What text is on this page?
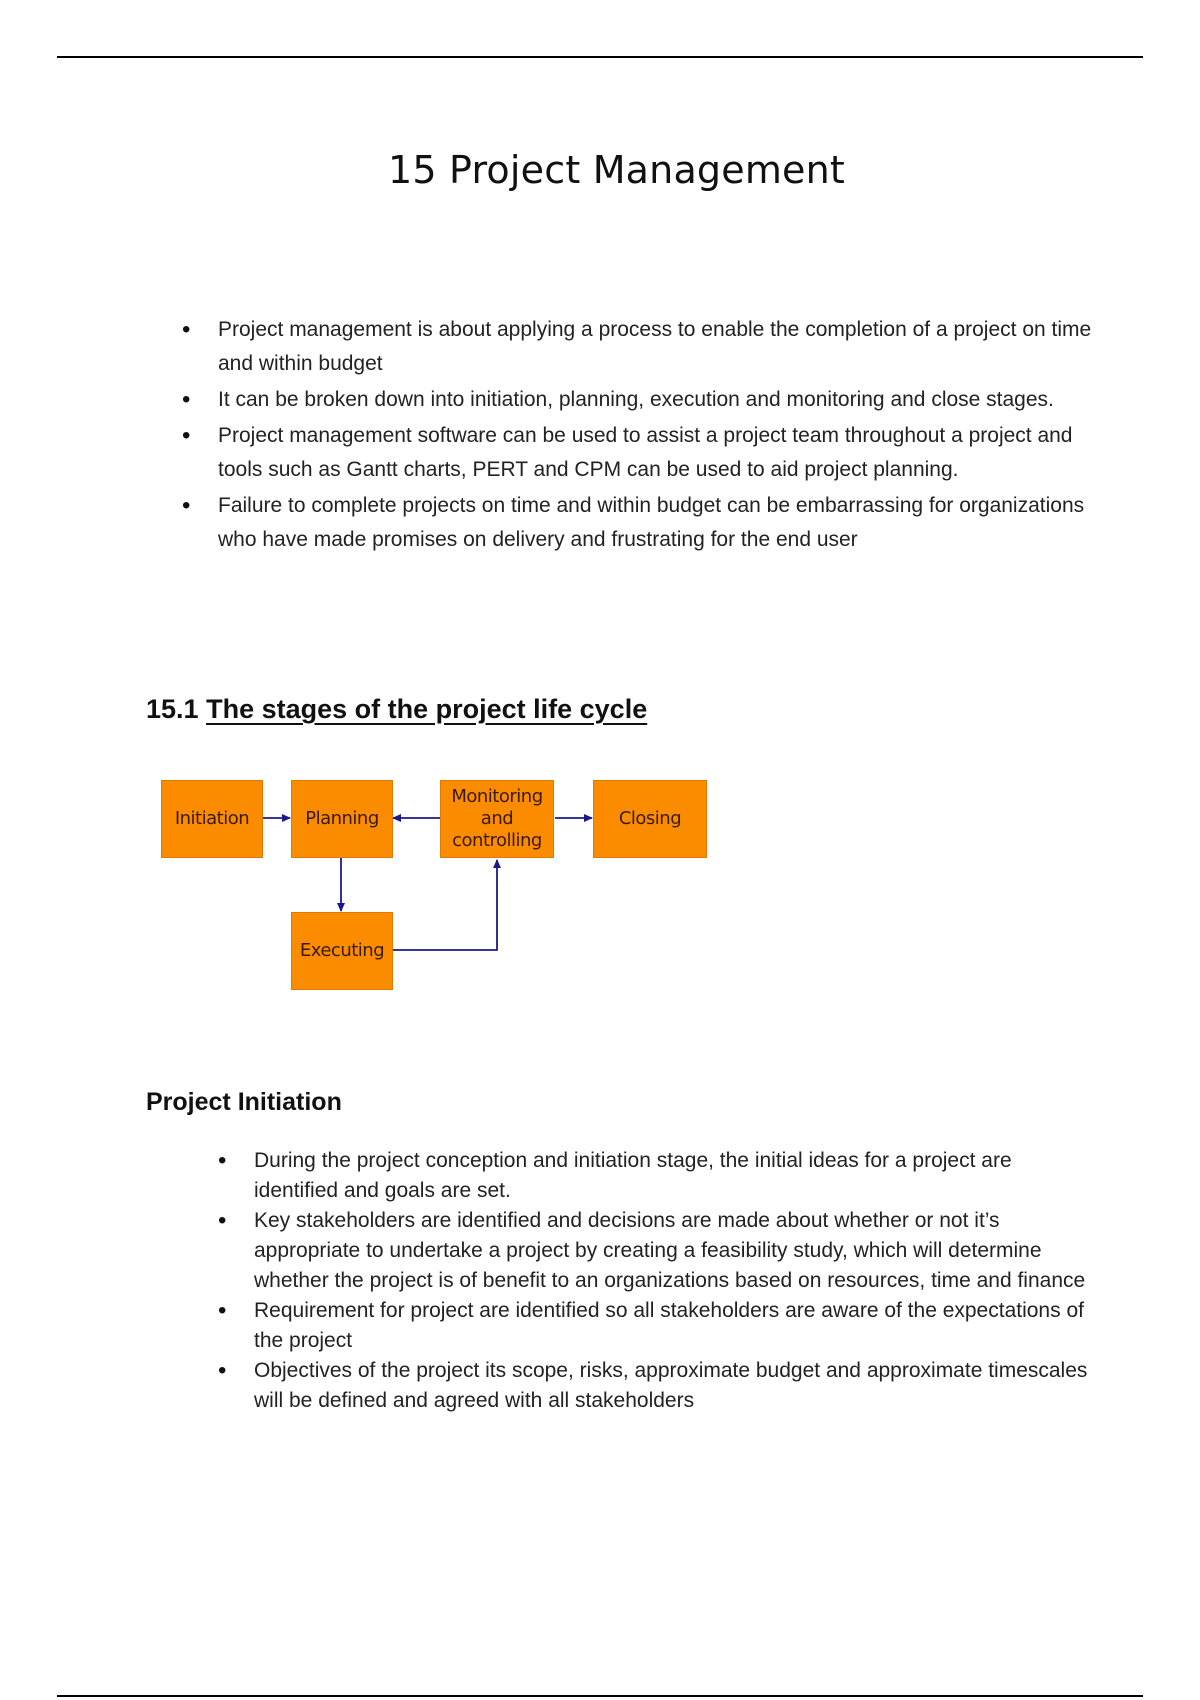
15 Project Management
• Project management is about applying a process to enable the completion of a project on time and within budget
• It can be broken down into initiation, planning, execution and monitoring and close stages.
• Project management software can be used to assist a project team throughout a project and tools such as Gantt charts, PERT and CPM can be used to aid project planning.
• Failure to complete projects on time and within budget can be embarrassing for organizations who have made promises on delivery and frustrating for the end user
15.1 The stages of the project life cycle
Initiation	Planning
Monitoring
and
controlling
Closing
Executing
Project Initiation
• During the project conception and initiation stage, the initial ideas for a project are identified and goals are set.
• Key stakeholders are identified and decisions are made about whether or not it’s appropriate to undertake a project by creating a feasibility study, which will determine whether the project is of benefit to an organizations based on resources, time and finance
• Requirement for project are identified so all stakeholders are aware of the expectations of the project
• Objectives of the project its scope, risks, approximate budget and approximate timescales will be defined and agreed with all stakeholders
